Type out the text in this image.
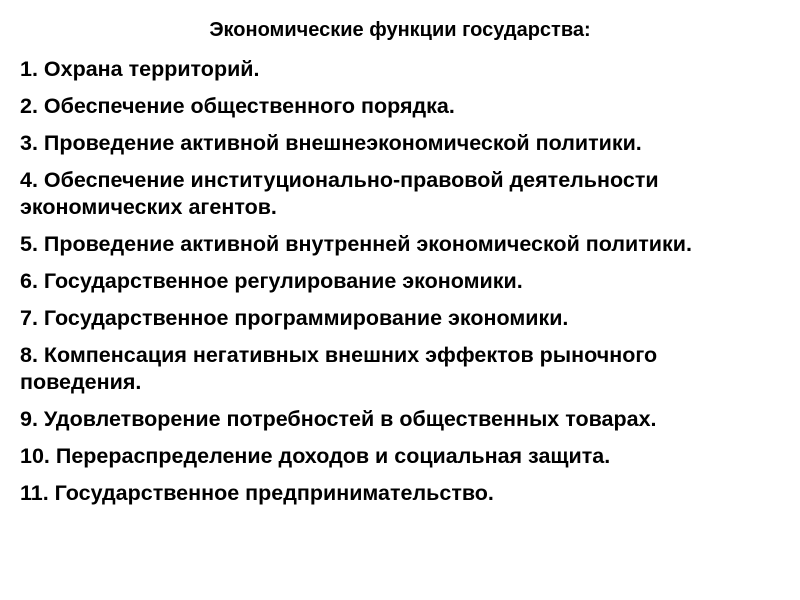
Экономические функции государства:
1. Охрана территорий.
2. Обеспечение общественного порядка.
3. Проведение активной внешнеэкономической политики.
4. Обеспечение институционально-правовой деятельности экономических агентов.
5. Проведение активной внутренней экономической политики.
6. Государственное регулирование экономики.
7. Государственное программирование экономики.
8. Компенсация негативных внешних эффектов рыночного поведения.
9. Удовлетворение потребностей в общественных товарах.
10. Перераспределение доходов и социальная защита.
11. Государственное предпринимательство.
